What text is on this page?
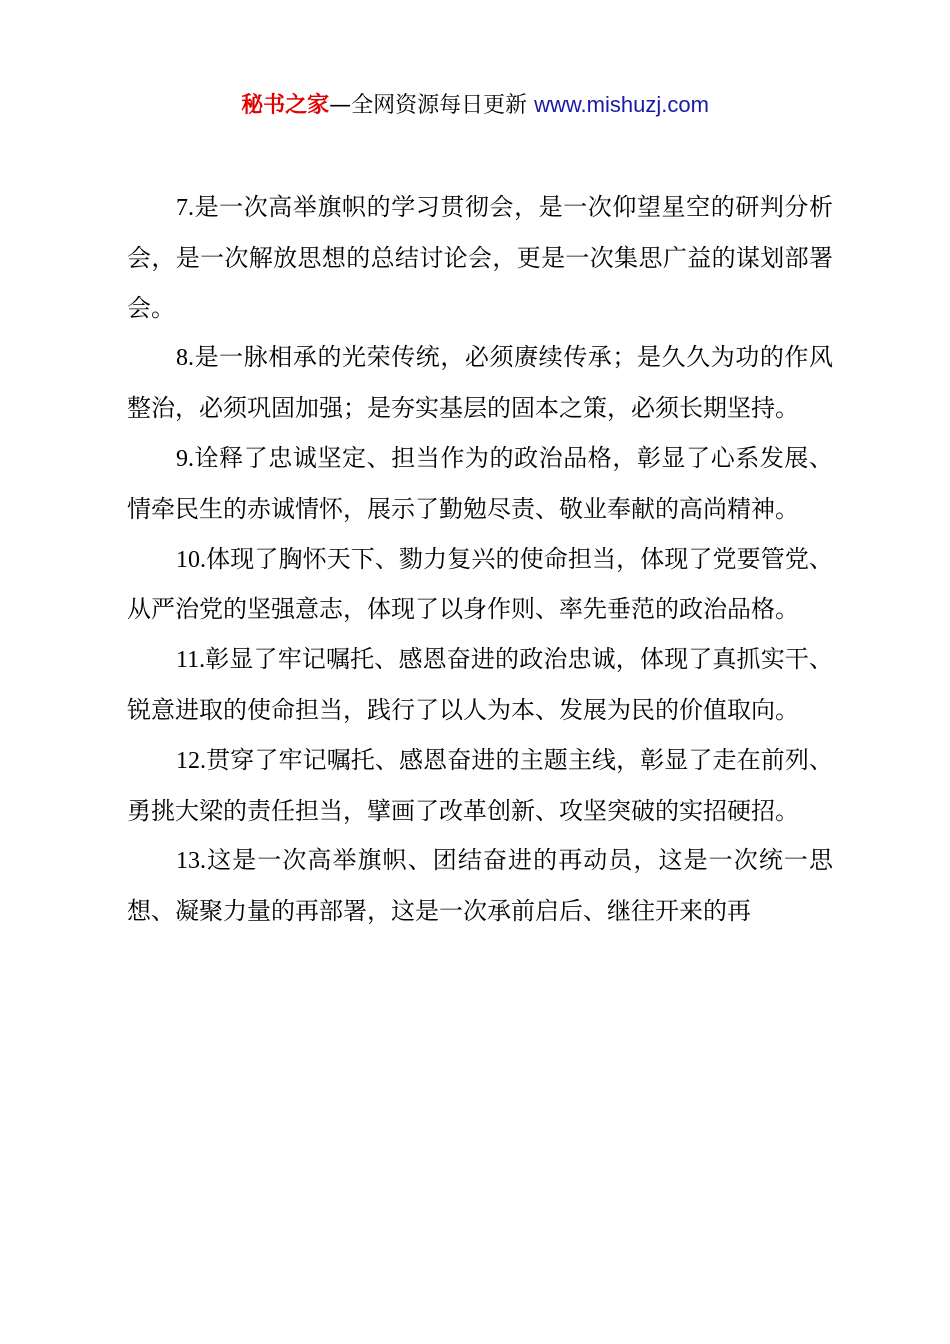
秘书之家—全网资源每日更新 www.mishuzj.com

7.是一次高举旗帜的学习贯彻会，是一次仰望星空的研判分析会，是一次解放思想的总结讨论会，更是一次集思广益的谋划部署会。

8.是一脉相承的光荣传统，必须赓续传承；是久久为功的作风整治，必须巩固加强；是夯实基层的固本之策，必须长期坚持。

9.诠释了忠诚坚定、担当作为的政治品格，彰显了心系发展、情牵民生的赤诚情怀，展示了勤勉尽责、敬业奉献的高尚精神。

10.体现了胸怀天下、勠力复兴的使命担当，体现了党要管党、从严治党的坚强意志，体现了以身作则、率先垂范的政治品格。

11.彰显了牢记嘱托、感恩奋进的政治忠诚，体现了真抓实干、锐意进取的使命担当，践行了以人为本、发展为民的价值取向。

12.贯穿了牢记嘱托、感恩奋进的主题主线，彰显了走在前列、勇挑大梁的责任担当，擘画了改革创新、攻坚突破的实招硬招。

13.这是一次高举旗帜、团结奋进的再动员，这是一次统一思想、凝聚力量的再部署，这是一次承前启后、继往开来的再
